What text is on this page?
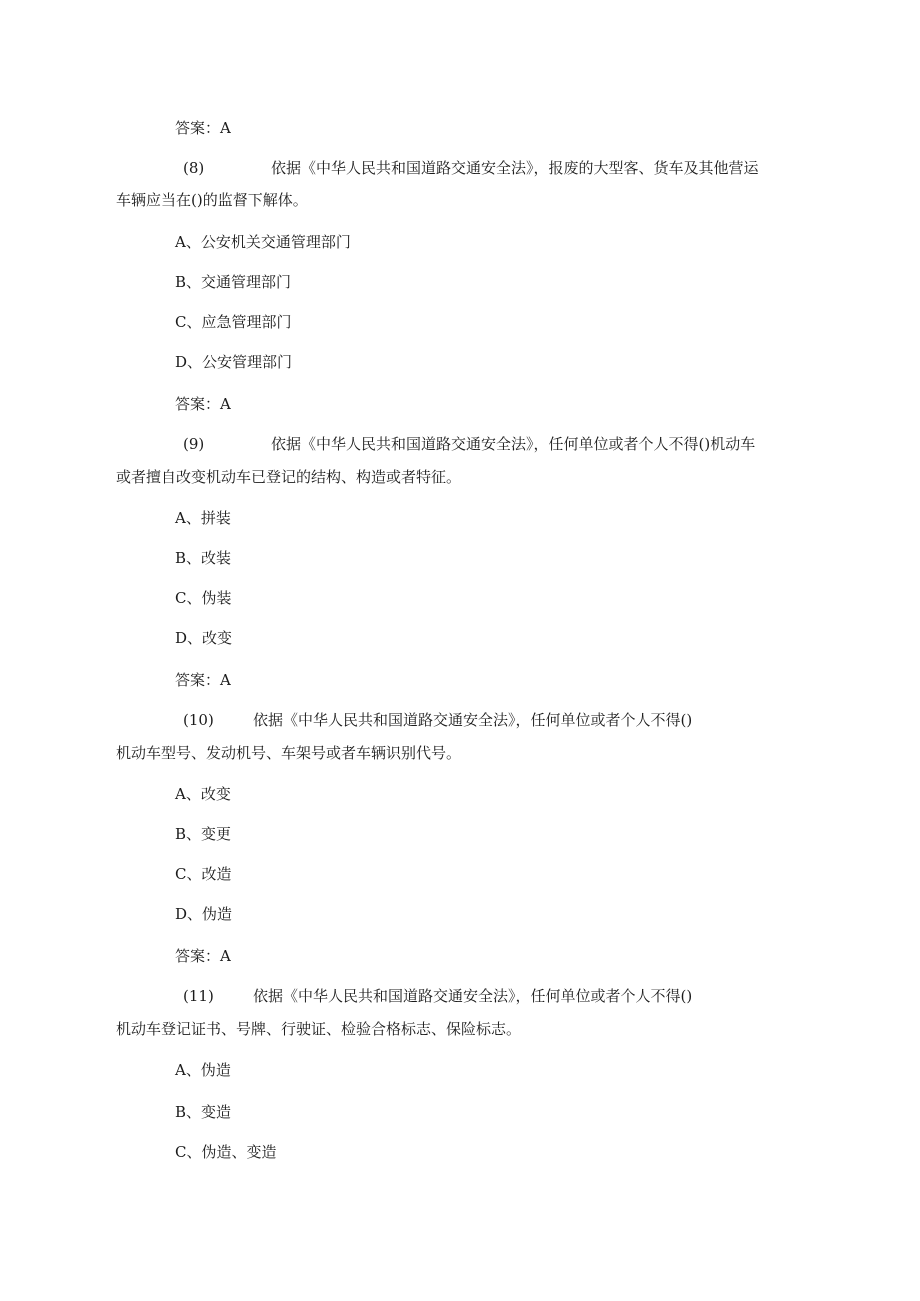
答案：A
(8)	依据《中华人民共和国道路交通安全法》，报废的大型客、货车及其他营运
车辆应当在()的监督下解体。
A、公安机关交通管理部门
B、交通管理部门
C、应急管理部门
D、公安管理部门
答案：A
(9)	依据《中华人民共和国道路交通安全法》，任何单位或者个人不得()机动车
或者擅自改变机动车已登记的结构、构造或者特征。
A、拼装
B、改装
C、伪装
D、改变
答案：A
(10)	依据《中华人民共和国道路交通安全法》，任何单位或者个人不得()
机动车型号、发动机号、车架号或者车辆识别代号。
A、改变
B、变更
C、改造
D、伪造
答案：A
(11)	依据《中华人民共和国道路交通安全法》，任何单位或者个人不得()
机动车登记证书、号牌、行驶证、检验合格标志、保险标志。
A、伪造
B、变造
C、伪造、变造
